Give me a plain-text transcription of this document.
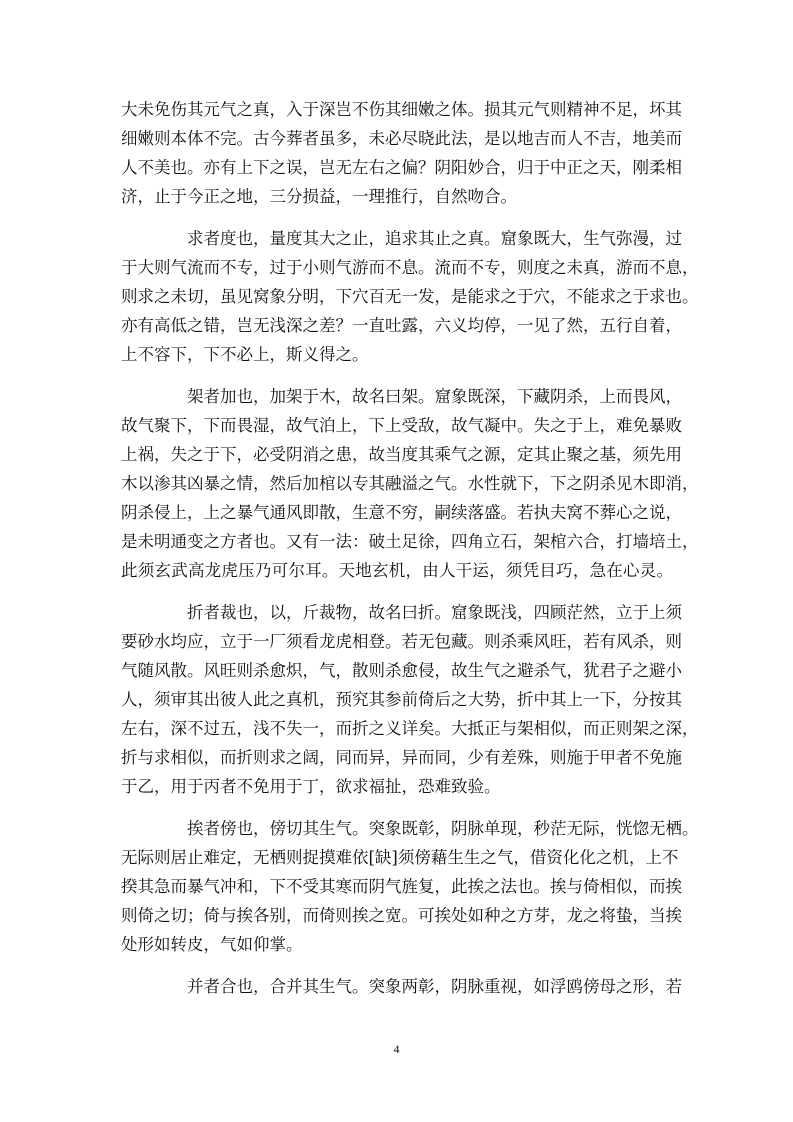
大未免伤其元气之真，入于深岂不伤其细嫩之体。损其元气则精神不足，坏其
细嫩则本体不完。古今葬者虽多，未必尽晓此法，是以地吉而人不吉，地美而
人不美也。亦有上下之误，岂无左右之偏？阴阳妙合，归于中正之天，刚柔相
济，止于今正之地，三分损益，一理推行，自然吻合。
求者度也，量度其大之止，追求其止之真。窟象既大，生气弥漫，过
于大则气流而不专，过于小则气游而不息。流而不专，则度之未真，游而不息，
则求之未切，虽见窝象分明，下穴百无一发，是能求之于穴，不能求之于求也。
亦有高低之错，岂无浅深之差？一直吐露，六义均停，一见了然，五行自着，
上不容下，下不必上，斯义得之。
架者加也，加架于木，故名曰架。窟象既深，下藏阴杀，上而畏风，
故气聚下，下而畏湿，故气泊上，下上受敌，故气凝中。失之于上，难免暴败
上祸，失之于下，必受阴消之患，故当度其乘气之源，定其止聚之基，须先用
木以渗其凶暴之情，然后加棺以专其融溢之气。水性就下，下之阴杀见木即消，
阴杀侵上，上之暴气通风即散，生意不穷，嗣续落盛。若执夫窝不葬心之说，
是未明通变之方者也。又有一法：破土足徐，四角立石，架棺六合，打墙培土，
此须玄武高龙虎压乃可尔耳。天地玄机，由人干运，须凭目巧，急在心灵。
折者裁也，以，斤裁物，故名曰折。窟象既浅，四顾茫然，立于上须
要砂水均应，立于一厂须看龙虎相登。若无包藏。则杀乘风旺，若有风杀，则
气随风散。风旺则杀愈炽，气，散则杀愈侵，故生气之避杀气，犹君子之避小
人，须审其出彼人此之真机，预究其参前倚后之大势，折中其上一下，分按其
左右，深不过五，浅不失一，而折之义详矣。大抵正与架相似，而正则架之深，
折与求相似，而折则求之阔，同而异，异而同，少有差殊，则施于甲者不免施
于乙，用于丙者不免用于丁，欲求福扯，恐难致验。
挨者傍也，傍切其生气。突象既彰，阴脉单现，秒茫无际，恍惚无栖。
无际则居止难定，无栖则捉摸难依[缺]须傍藉生生之气，借资化化之机，上不
揆其急而暴气冲和，下不受其寒而阴气旌复，此挨之法也。挨与倚相似，而挨
则倚之切；倚与挨各别，而倚则挨之宽。可挨处如种之方芽，龙之将蛰，当挨
处形如转皮，气如仰掌。
并者合也，合并其生气。突象两彰，阴脉重视，如浮鸥傍母之形，若
4
